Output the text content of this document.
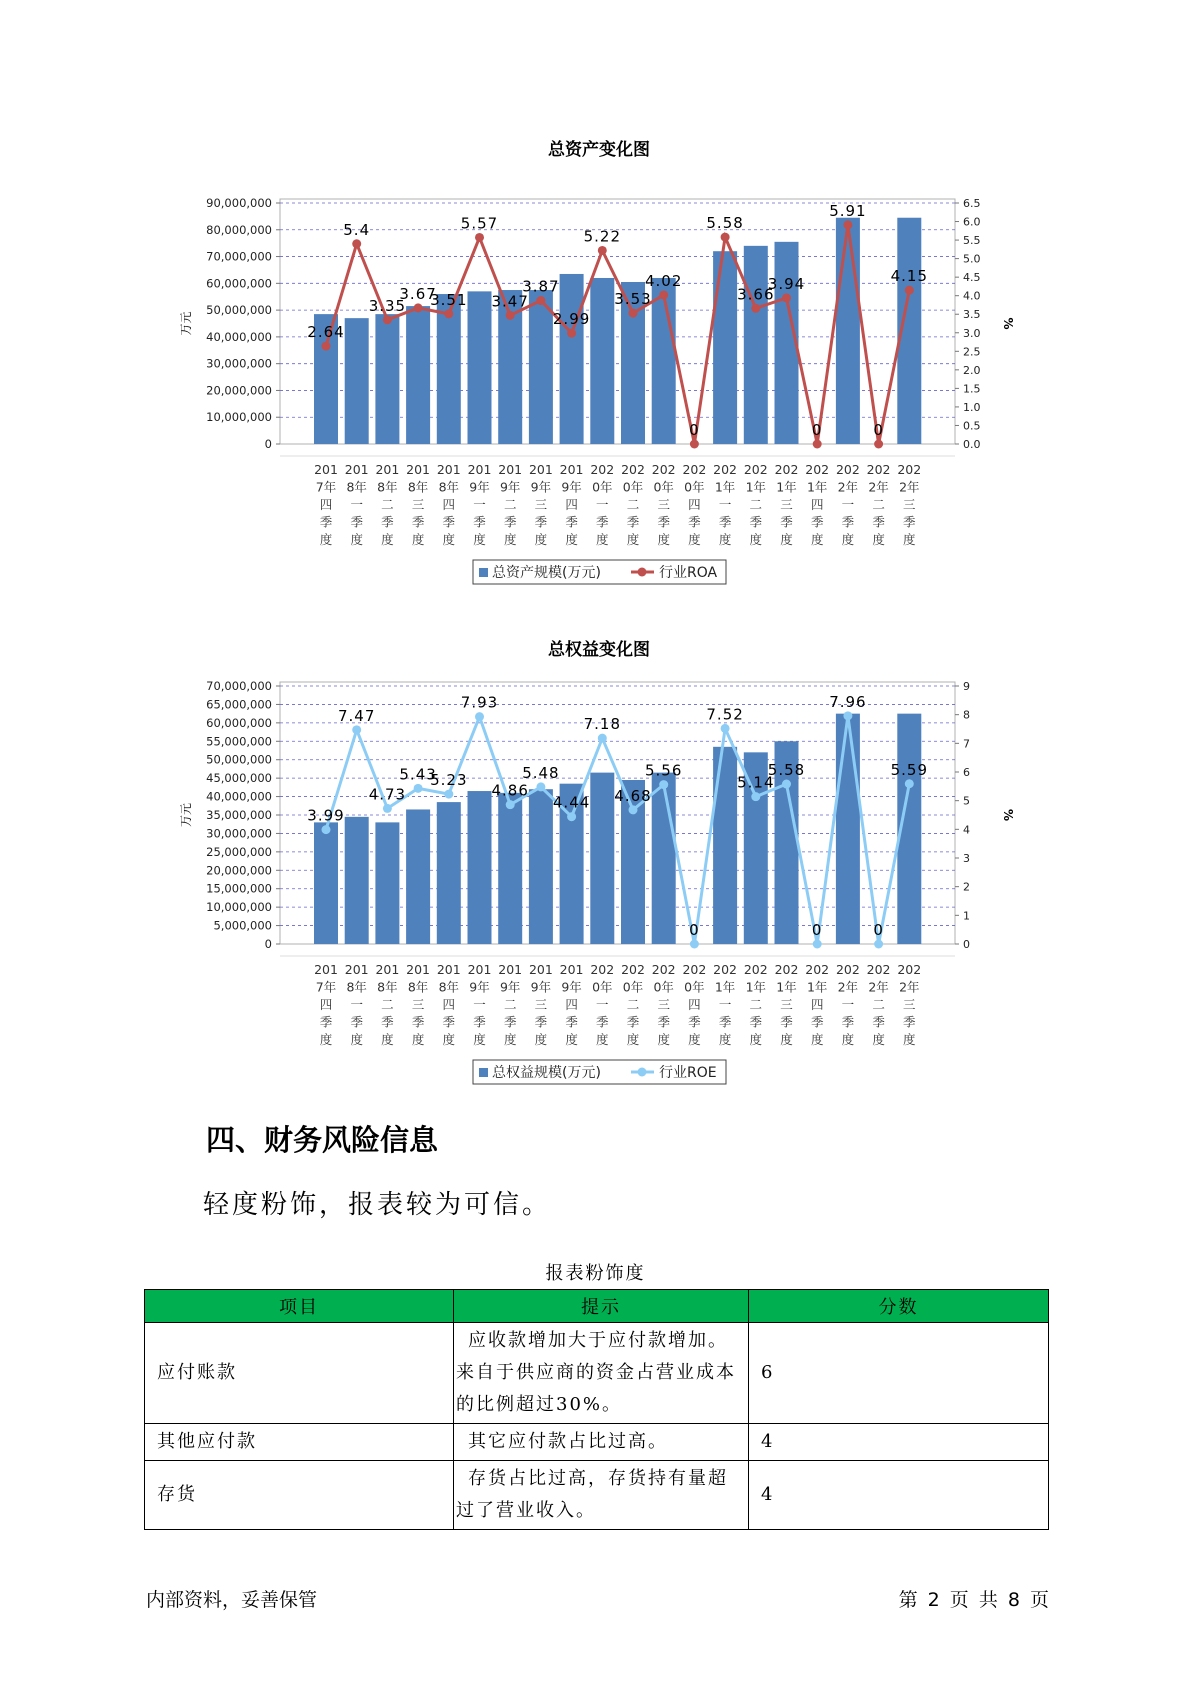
总资产变化图
0
10,000,000
20,000,000
30,000,000
40,000,000
50,000,000
60,000,000
70,000,000
80,000,000
90,000,000
0.0
0.5
1.0
1.5
2.0
2.5
3.0
3.5
4.0
4.5
5.0
5.5
6.0
6.5
万元	%
2.64
5.4
3.35
3.67
3.51
5.57
3.47
3.87
2.99
5.22
3.53
4.02
0
5.58
3.66
3.94
0
5.91
0
4.15
201 7年四季度
201 8年一季度
201 8年二季度
201 8年三季度
201 8年四季度
201 9年一季度
201 9年二季度
201 9年三季度
201 9年四季度
202 0年一季度
202 0年二季度
202 0年三季度
202 0年四季度
202 1年一季度
202 1年二季度
202 1年三季度
202 1年四季度
202 2年一季度
202 2年二季度
202 2年三季度
总资产规模(万元)	行业ROA
总权益变化图
0
5,000,000
10,000,000
15,000,000
20,000,000
25,000,000
30,000,000
35,000,000
40,000,000
45,000,000
50,000,000
55,000,000
60,000,000
65,000,000
70,000,000
0
1
2
3
4
5
6
7
8
9
万元	%
3.99
7.47
4.73
5.43
5.23
7.93
4.86
5.48
4.44
7.18
4.68
5.56
0
7.52
5.14
5.58
0
7.96
0
5.59
201 7年四季度
201 8年一季度
201 8年二季度
201 8年三季度
201 8年四季度
201 9年一季度
201 9年二季度
201 9年三季度
201 9年四季度
202 0年一季度
202 0年二季度
202 0年三季度
202 0年四季度
202 1年一季度
202 1年二季度
202 1年三季度
202 1年四季度
202 2年一季度
202 2年二季度
202 2年三季度
总权益规模(万元)	行业ROE
四、财务风险信息
轻度粉饰，报表较为可信。
报表粉饰度
项目	提示	分数
应付账款	应收款增加大于应付款增加。来自于供应商的资金占营业成本的比例超过30%。	6
其他应付款	其它应付款占比过高。	4
存货	存货占比过高，存货持有量超过了营业收入。	4
内部资料，妥善保管	第 2 页 共 8 页
